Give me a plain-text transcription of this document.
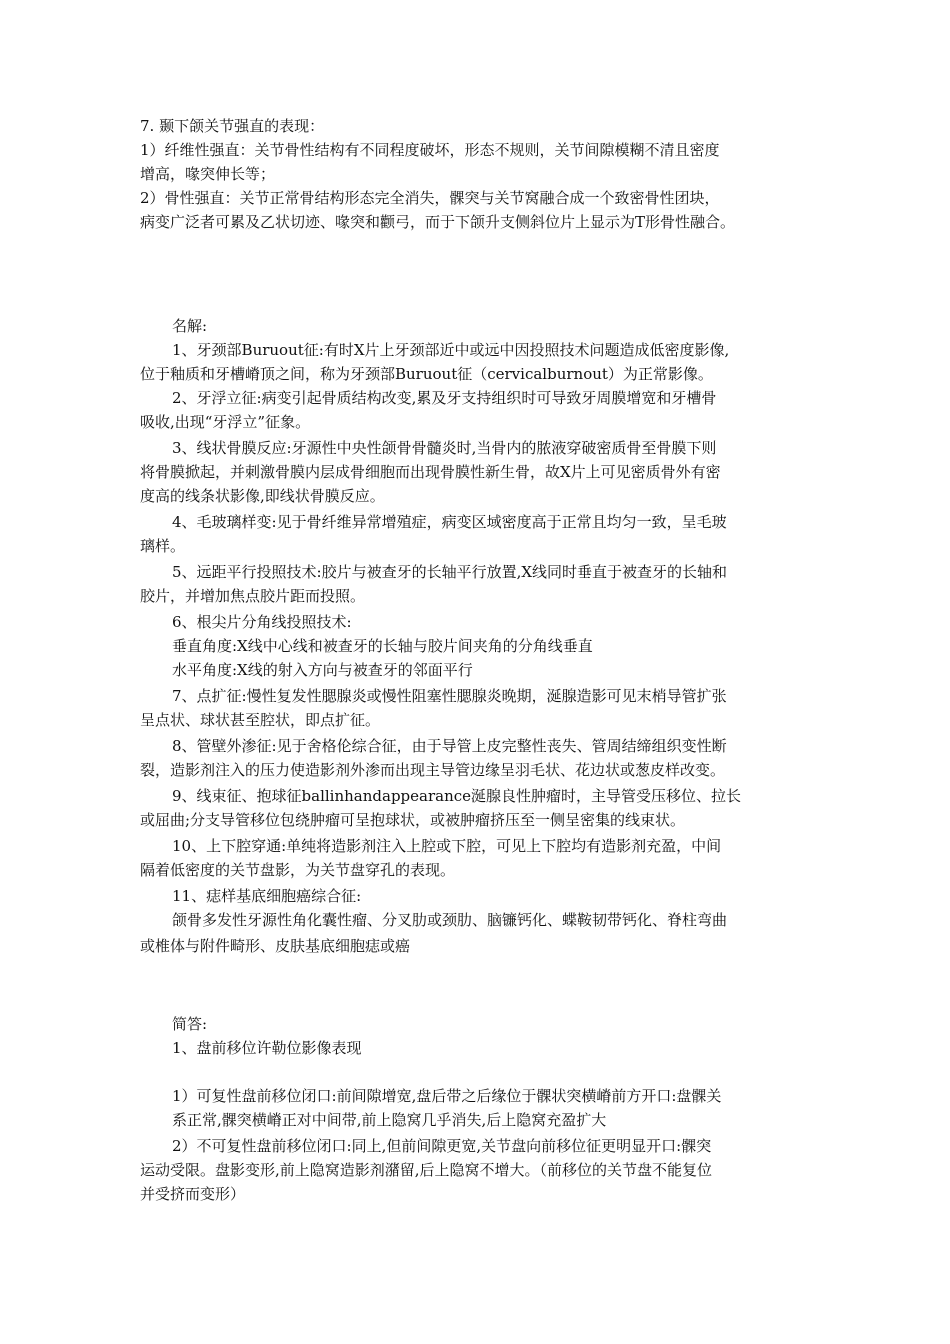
7. 颞下颌关节强直的表现：
1）纤维性强直：关节骨性结构有不同程度破坏，形态不规则，关节间隙模糊不清且密度
增高，喙突伸长等；
2）骨性强直：关节正常骨结构形态完全消失，髁突与关节窝融合成一个致密骨性团块，
病变广泛者可累及乙状切迹、喙突和颧弓，而于下颌升支侧斜位片上显示为T形骨性融合。
名解:
1、牙颈部Buruout征:有时X片上牙颈部近中或远中因投照技术问题造成低密度影像,
位于釉质和牙槽嵴顶之间，称为牙颈部Buruout征（cervicalburnout）为正常影像。
2、牙浮立征:病变引起骨质结构改变,累及牙支持组织时可导致牙周膜增宽和牙槽骨
吸收,出现“牙浮立”征象。
3、线状骨膜反应:牙源性中央性颌骨骨髓炎时,当骨内的脓液穿破密质骨至骨膜下则
将骨膜掀起，并刺激骨膜内层成骨细胞而出现骨膜性新生骨，故X片上可见密质骨外有密
度高的线条状影像,即线状骨膜反应。
4、毛玻璃样变:见于骨纤维异常增殖症，病变区域密度高于正常且均匀一致，呈毛玻
璃样。
5、远距平行投照技术:胶片与被查牙的长轴平行放置,X线同时垂直于被查牙的长轴和
胶片，并增加焦点胶片距而投照。
6、根尖片分角线投照技术:
垂直角度:X线中心线和被查牙的长轴与胶片间夹角的分角线垂直
水平角度:X线的射入方向与被查牙的邻面平行
7、点扩征:慢性复发性腮腺炎或慢性阻塞性腮腺炎晚期，涎腺造影可见末梢导管扩张
呈点状、球状甚至腔状，即点扩征。
8、管壁外渗征:见于舍格伦综合征，由于导管上皮完整性丧失、管周结缔组织变性断
裂，造影剂注入的压力使造影剂外渗而出现主导管边缘呈羽毛状、花边状或葱皮样改变。
9、线束征、抱球征ballinhandappearance涎腺良性肿瘤时，主导管受压移位、拉长
或屈曲;分支导管移位包绕肿瘤可呈抱球状，或被肿瘤挤压至一侧呈密集的线束状。
10、上下腔穿通:单纯将造影剂注入上腔或下腔，可见上下腔均有造影剂充盈，中间
隔着低密度的关节盘影，为关节盘穿孔的表现。
11、痣样基底细胞癌综合征:
颌骨多发性牙源性角化囊性瘤、分叉肋或颈肋、脑镰钙化、蝶鞍韧带钙化、脊柱弯曲
或椎体与附件畸形、皮肤基底细胞痣或癌
简答:
1、盘前移位许勒位影像表现
1）可复性盘前移位闭口:前间隙增宽,盘后带之后缘位于髁状突横嵴前方开口:盘髁关
系正常,髁突横嵴正对中间带,前上隐窝几乎消失,后上隐窝充盈扩大
2）不可复性盘前移位闭口:同上,但前间隙更宽,关节盘向前移位征更明显开口:髁突
运动受限。盘影变形,前上隐窝造影剂潴留,后上隐窝不增大。（前移位的关节盘不能复位
并受挤而变形）
